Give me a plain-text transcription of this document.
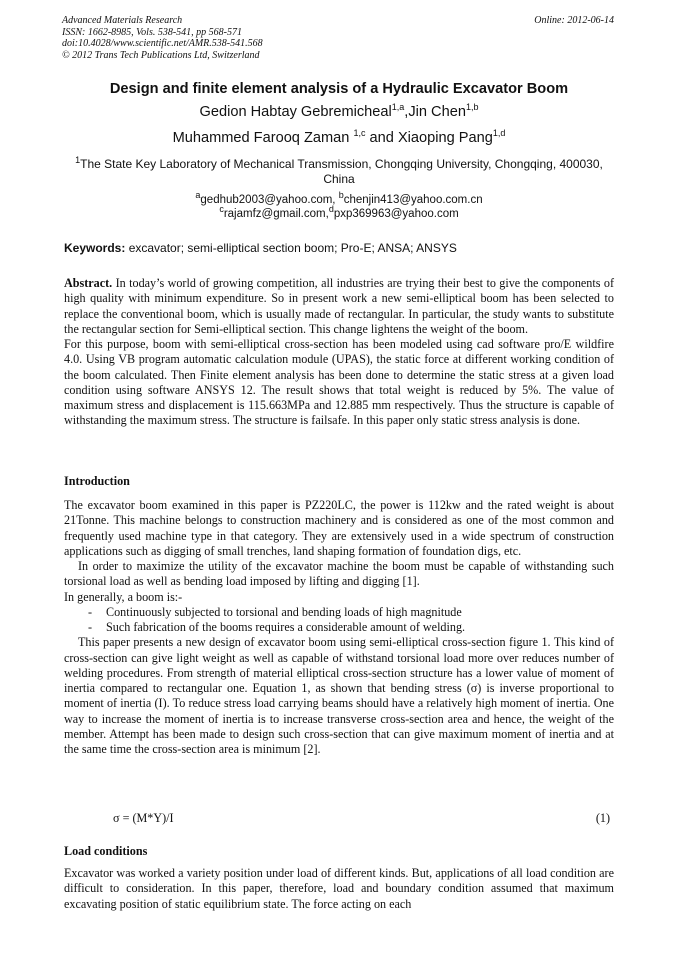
Advanced Materials Research
ISSN: 1662-8985, Vols. 538-541, pp 568-571
doi:10.4028/www.scientific.net/AMR.538-541.568
© 2012 Trans Tech Publications Ltd, Switzerland
Online: 2012-06-14
Design and finite element analysis of a Hydraulic Excavator Boom
Gedion Habtay Gebremicheal$^{1,a}$,Jin Chen$^{1,b}$
Muhammed Farooq Zaman $^{1,c}$ and Xiaoping Pang$^{1,d}$
$^1$The State Key Laboratory of Mechanical Transmission, Chongqing University, Chongqing, 400030,
China
$^a$gedhub2003@yahoo.com, $^b$chenjin413@yahoo.com.cn
$^c$rajamfz@gmail.com,$^d$pxp369963@yahoo.com
Keywords: excavator; semi-elliptical section boom; Pro-E; ANSA; ANSYS

Abstract. In today’s world of growing competition, all industries are trying their best to give the components of high quality with minimum expenditure. So in present work a new semi-elliptical boom has been selected to replace the conventional boom, which is usually made of rectangular. In particular, the study wants to substitute the rectangular section for Semi-elliptical section. This change lightens the weight of the boom.

For this purpose, boom with semi-elliptical cross-section has been modeled using cad software pro/E wildfire 4.0. Using VB program automatic calculation module (UPAS), the static force at different working condition of the boom calculated. Then Finite element analysis has been done to determine the static stress at a given load condition using software ANSYS 12. The result shows that total weight is reduced by 5%. The value of maximum stress and displacement is 115.663MPa and 12.885 mm respectively. Thus the structure is capable of withstanding the maximum stress. The structure is failsafe. In this paper only static stress analysis is done.

Introduction

The excavator boom examined in this paper is PZ220LC, the power is 112kw and the rated weight is about 21Tonne. This machine belongs to construction machinery and is considered as one of the most common and frequently used machine type in that category. They are extensively used in a wide spectrum of construction applications such as digging of small trenches, land shaping formation of foundation digs, etc.

In order to maximize the utility of the excavator machine the boom must be capable of withstanding such torsional load as well as bending load imposed by lifting and digging [1].

In generally, a boom is:-

-	Continuously subjected to torsional and bending loads of high magnitude
-	Such fabrication of the booms requires a considerable amount of welding.

This paper presents a new design of excavator boom using semi-elliptical cross-section figure 1. This kind of cross-section can give light weight as well as capable of withstand torsional load more over reduces number of welding procedures. From strength of material elliptical cross-section structure has a lower value of moment of inertia compared to rectangular one. Equation 1, as shown that bending stress (σ) is inverse proportional to moment of inertia (I). To reduce stress load carrying beams should have a relatively high moment of inertia. One way to increase the moment of inertia is to increase transverse cross-section area and hence, the weight of the member. Attempt has been made to design such cross-section that can give maximum moment of inertia and at the same time the cross-section area is minimum [2].

σ = (M*Y)/I	(1)
Load conditions

Excavator was worked a variety position under load of different kinds. But, applications of all load condition are difficult to consideration. In this paper, therefore, load and boundary condition assumed that maximum excavating position of static equilibrium state. The force acting on each
